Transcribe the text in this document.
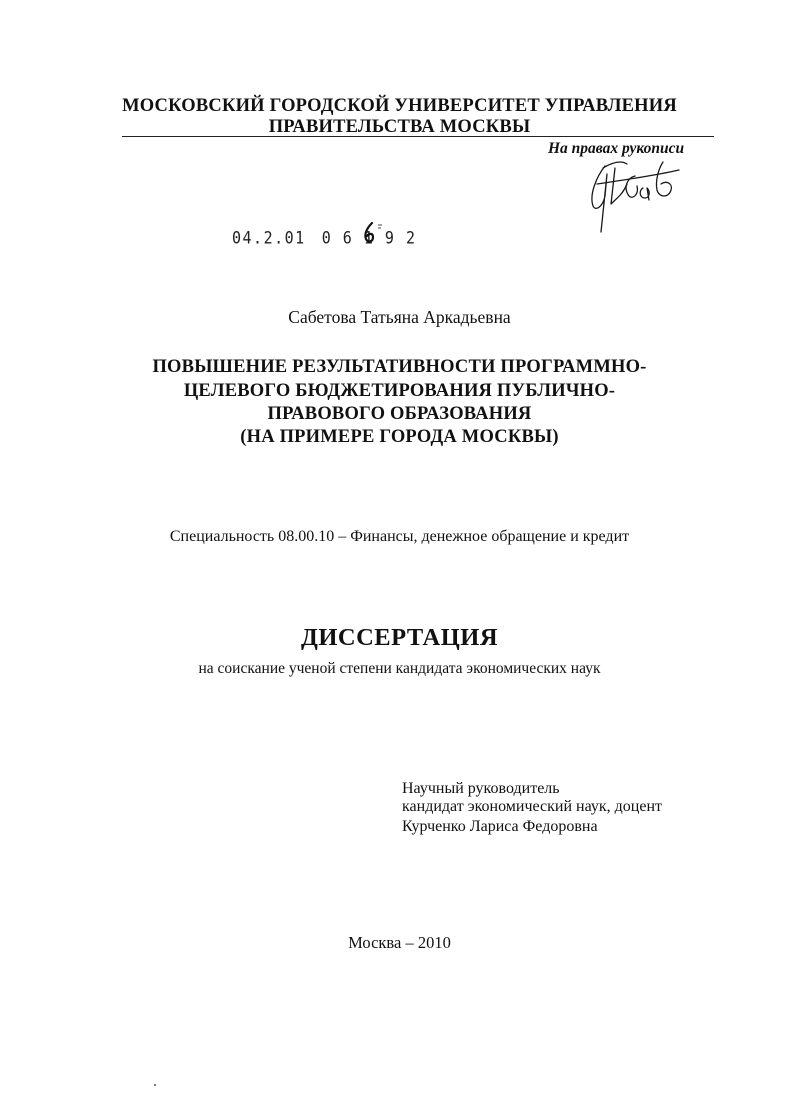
МОСКОВСКИЙ ГОРОДСКОЙ УНИВЕРСИТЕТ УПРАВЛЕНИЯ
ПРАВИТЕЛЬСТВА МОСКВЫ
На правах рукописи
04.2.01 0 6 1 9 2
Сабетова Татьяна Аркадьевна
ПОВЫШЕНИЕ РЕЗУЛЬТАТИВНОСТИ ПРОГРАММНО-
ЦЕЛЕВОГО БЮДЖЕТИРОВАНИЯ ПУБЛИЧНО-
ПРАВОВОГО ОБРАЗОВАНИЯ
(НА ПРИМЕРЕ ГОРОДА МОСКВЫ)
Специальность 08.00.10 – Финансы, денежное обращение и кредит
ДИССЕРТАЦИЯ
на соискание ученой степени кандидата экономических наук
Научный руководитель
кандидат экономический наук, доцент
Курченко Лариса Федоровна
Москва – 2010
